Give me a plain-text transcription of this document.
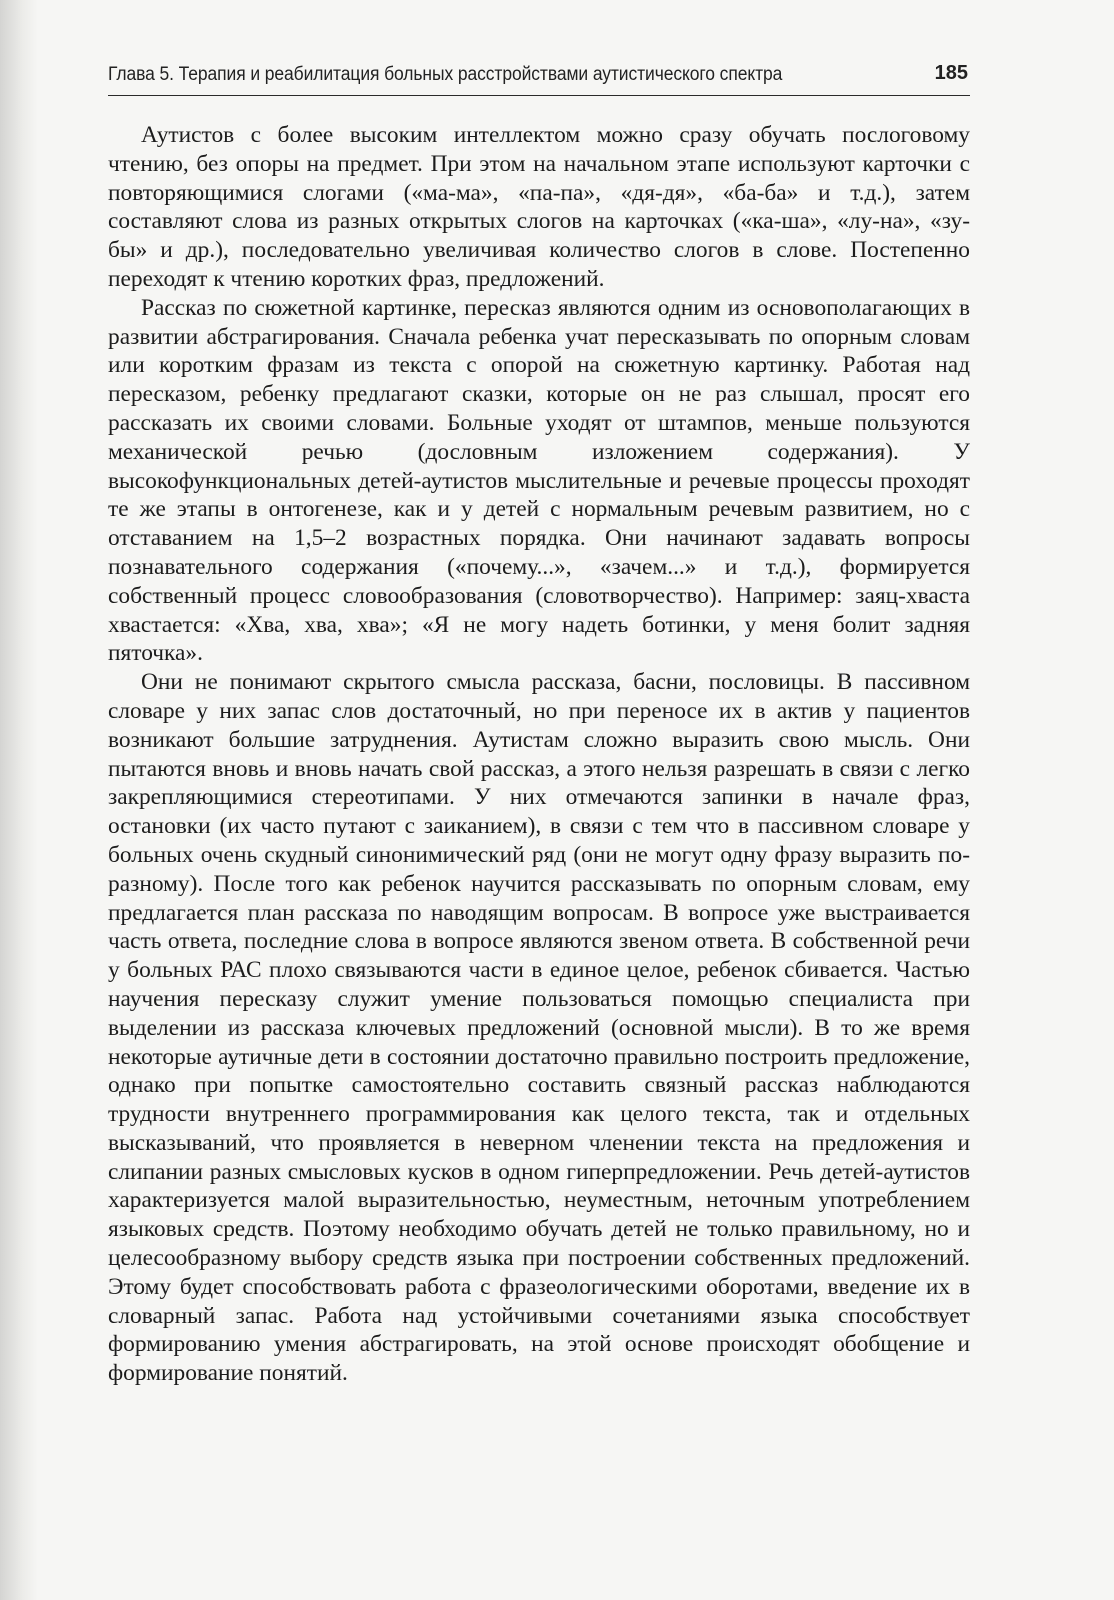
Глава 5. Терапия и реабилитация больных расстройствами аутистического спектра	185

Аутистов с более высоким интеллектом можно сразу обучать послоговому чтению, без опоры на предмет. При этом на начальном этапе используют карточки с повторяющимися слогами («ма-ма», «па-па», «дя-дя», «ба-ба» и т.д.), затем составляют слова из разных открытых слогов на карточках («ка-ша», «лу-на», «зу-бы» и др.), последовательно увеличивая количество слогов в слове. Постепенно переходят к чтению коротких фраз, предложений.

Рассказ по сюжетной картинке, пересказ являются одним из основополагающих в развитии абстрагирования. Сначала ребенка учат пересказывать по опорным словам или коротким фразам из текста с опорой на сюжетную картинку. Работая над пересказом, ребенку предлагают сказки, которые он не раз слышал, просят его рассказать их своими словами. Больные уходят от штампов, меньше пользуются механической речью (дословным изложением содержания). У высокофункциональных детей-аутистов мыслительные и речевые процессы проходят те же этапы в онтогенезе, как и у детей с нормальным речевым развитием, но с отставанием на 1,5–2 возрастных порядка. Они начинают задавать вопросы познавательного содержания («почему...», «зачем...» и т.д.), формируется собственный процесс словообразования (словотворчество). Например: заяц-хваста хвастается: «Хва, хва, хва»; «Я не могу надеть ботинки, у меня болит задняя пяточка».

Они не понимают скрытого смысла рассказа, басни, пословицы. В пассивном словаре у них запас слов достаточный, но при переносе их в актив у пациентов возникают большие затруднения. Аутистам сложно выразить свою мысль. Они пытаются вновь и вновь начать свой рассказ, а этого нельзя разрешать в связи с легко закрепляющимися стереотипами. У них отмечаются запинки в начале фраз, остановки (их часто путают с заиканием), в связи с тем что в пассивном словаре у больных очень скудный синонимический ряд (они не могут одну фразу выразить по-разному). После того как ребенок научится рассказывать по опорным словам, ему предлагается план рассказа по наводящим вопросам. В вопросе уже выстраивается часть ответа, последние слова в вопросе являются звеном ответа. В собственной речи у больных РАС плохо связываются части в единое целое, ребенок сбивается. Частью научения пересказу служит умение пользоваться помощью специалиста при выделении из рассказа ключевых предложений (основной мысли). В то же время некоторые аутичные дети в состоянии достаточно правильно построить предложение, однако при попытке самостоятельно составить связный рассказ наблюдаются трудности внутреннего программирования как целого текста, так и отдельных высказываний, что проявляется в неверном членении текста на предложения и слипании разных смысловых кусков в одном гиперпредложении. Речь детей-аутистов характеризуется малой выразительностью, неуместным, неточным употреблением языковых средств. Поэтому необходимо обучать детей не только правильному, но и целесообразному выбору средств языка при построении собственных предложений. Этому будет способствовать работа с фразеологическими оборотами, введение их в словарный запас. Работа над устойчивыми сочетаниями языка способствует формированию умения абстрагировать, на этой основе происходят обобщение и формирование понятий.
